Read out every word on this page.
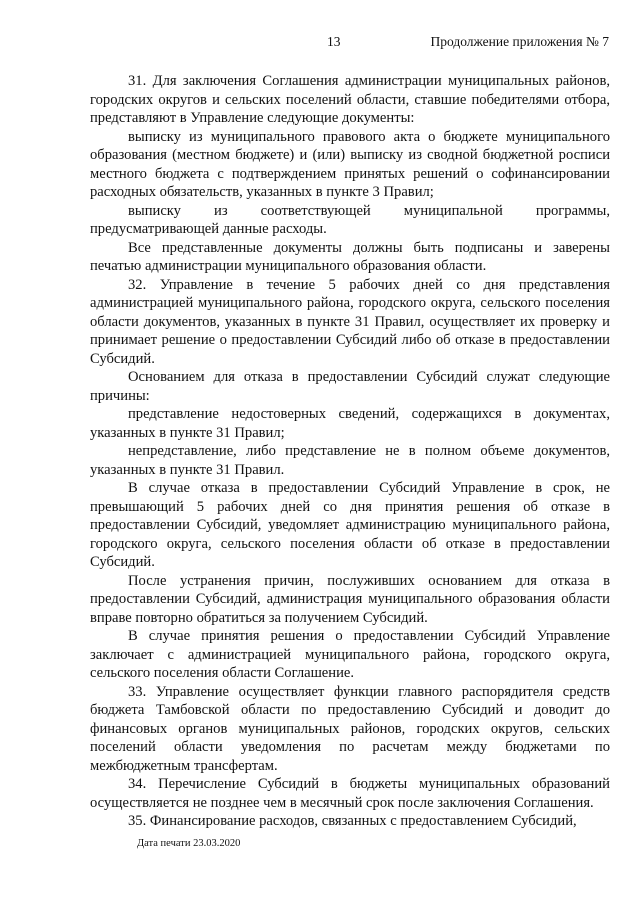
13	Продолжение приложения № 7

31. Для заключения Соглашения администрации муниципальных районов, городских округов и сельских поселений области, ставшие победителями отбора, представляют в Управление следующие документы:

выписку из муниципального правового акта о бюджете муниципального образования (местном бюджете) и (или) выписку из сводной бюджетной росписи местного бюджета с подтверждением принятых решений о софинансировании расходных обязательств, указанных в пункте 3 Правил;

выписку из соответствующей муниципальной программы, предусматривающей данные расходы.

Все представленные документы должны быть подписаны и заверены печатью администрации муниципального образования области.

32. Управление в течение 5 рабочих дней со дня представления администрацией муниципального района, городского округа, сельского поселения области документов, указанных в пункте 31 Правил, осуществляет их проверку и принимает решение о предоставлении Субсидий либо об отказе в предоставлении Субсидий.

Основанием для отказа в предоставлении Субсидий служат следующие причины:

представление недостоверных сведений, содержащихся в документах, указанных в пункте 31 Правил;

непредставление, либо представление не в полном объеме документов, указанных в пункте 31 Правил.

В случае отказа в предоставлении Субсидий Управление в срок, не превышающий 5 рабочих дней со дня принятия решения об отказе в предоставлении Субсидий, уведомляет администрацию муниципального района, городского округа, сельского поселения области об отказе в предоставлении Субсидий.

После устранения причин, послуживших основанием для отказа в предоставлении Субсидий, администрация муниципального образования области вправе повторно обратиться за получением Субсидий.

В случае принятия решения о предоставлении Субсидий Управление заключает с администрацией муниципального района, городского округа, сельского поселения области Соглашение.

33. Управление осуществляет функции главного распорядителя средств бюджета Тамбовской области по предоставлению Субсидий и доводит до финансовых органов муниципальных районов, городских округов, сельских поселений области уведомления по расчетам между бюджетами по межбюджетным трансфертам.

34. Перечисление Субсидий в бюджеты муниципальных образований осуществляется не позднее чем в месячный срок после заключения Соглашения.

35. Финансирование расходов, связанных с предоставлением Субсидий,

Дата печати 23.03.2020
